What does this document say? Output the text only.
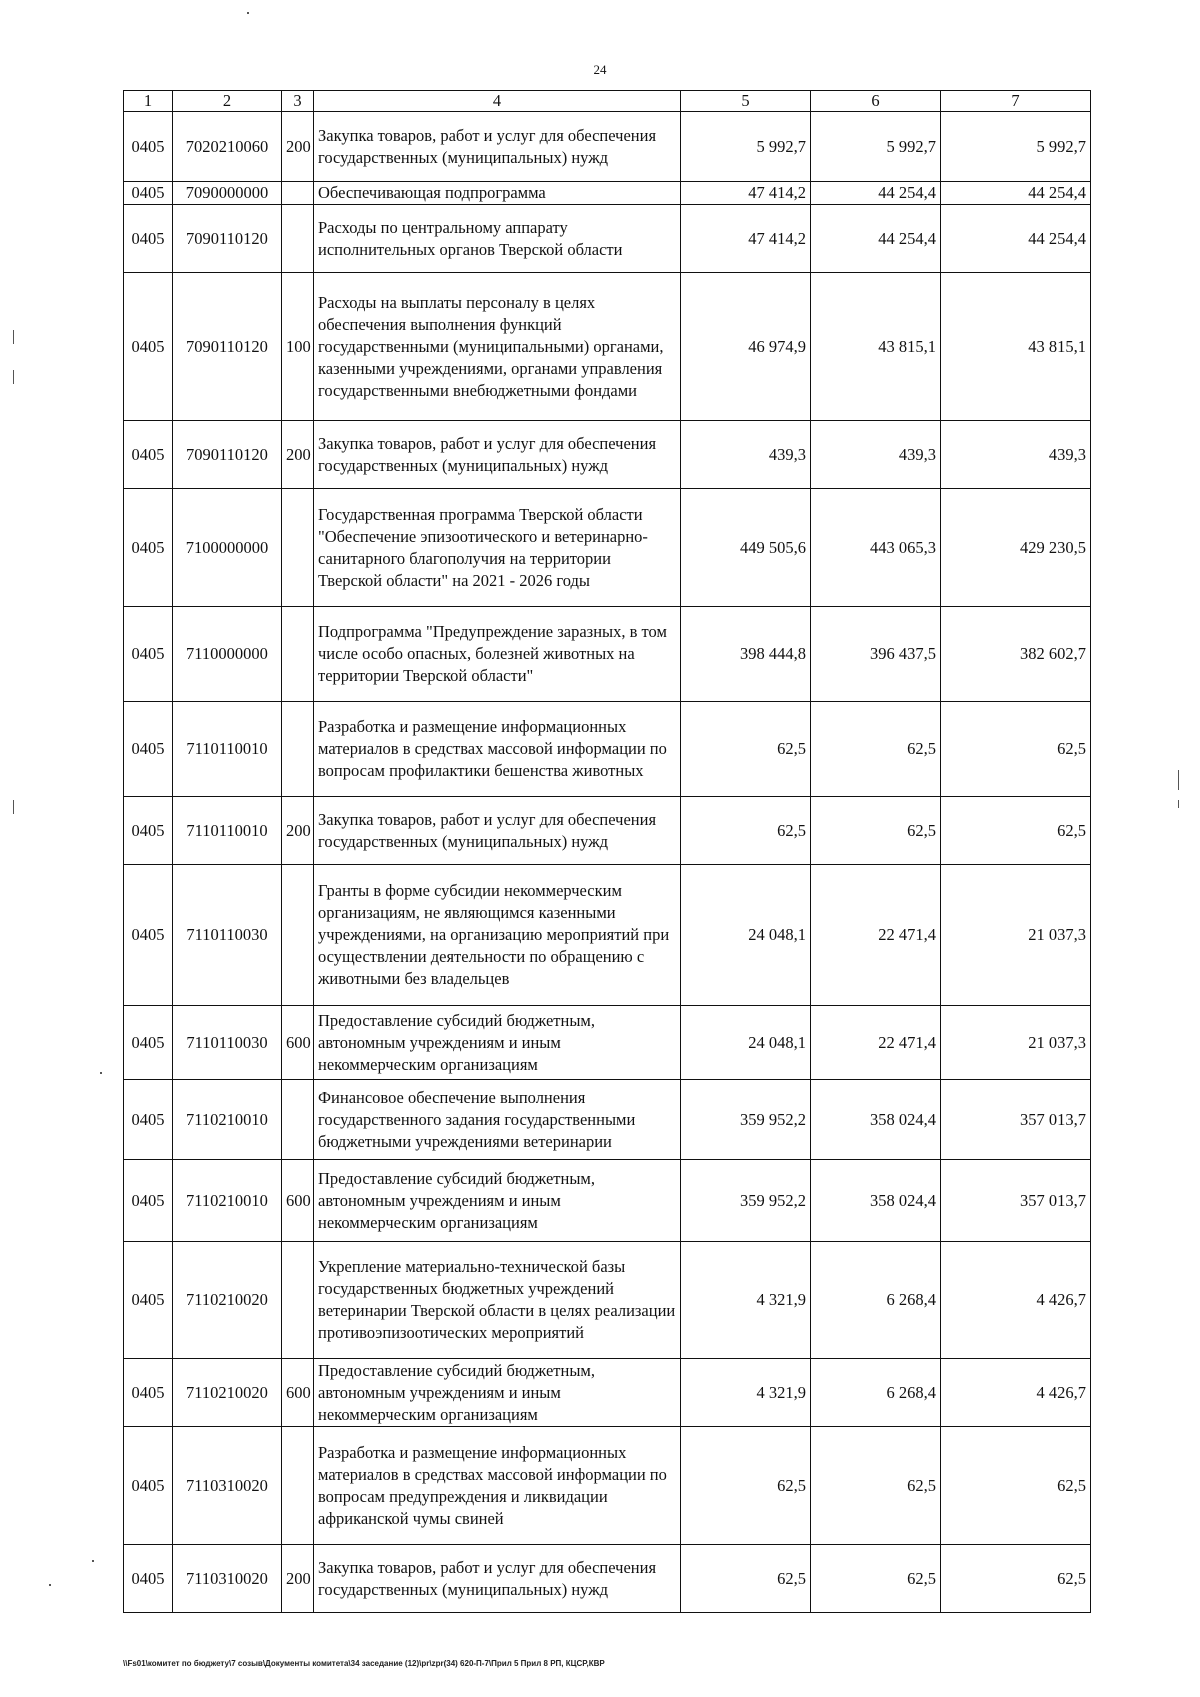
24
1	2	3	4	5	6	7
0405	7020210060	200	Закупка товаров, работ и услуг для обеспечения государственных (муниципальных) нужд	5 992,7	5 992,7	5 992,7
0405	7090000000		Обеспечивающая подпрограмма	47 414,2	44 254,4	44 254,4
0405	7090110120		Расходы по центральному аппарату исполнительных органов Тверской области	47 414,2	44 254,4	44 254,4
0405	7090110120	100	Расходы на выплаты персоналу в целях обеспечения выполнения функций государственными (муниципальными) органами, казенными учреждениями, органами управления государственными внебюджетными фондами	46 974,9	43 815,1	43 815,1
0405	7090110120	200	Закупка товаров, работ и услуг для обеспечения государственных (муниципальных) нужд	439,3	439,3	439,3
0405	7100000000		Государственная программа Тверской области "Обеспечение эпизоотического и ветеринарно-санитарного благополучия на территории Тверской области" на 2021 - 2026 годы	449 505,6	443 065,3	429 230,5
0405	7110000000		Подпрограмма "Предупреждение заразных, в том числе особо опасных, болезней животных на территории Тверской области"	398 444,8	396 437,5	382 602,7
0405	7110110010		Разработка и размещение информационных материалов в средствах массовой информации по вопросам профилактики бешенства животных	62,5	62,5	62,5
0405	7110110010	200	Закупка товаров, работ и услуг для обеспечения государственных (муниципальных) нужд	62,5	62,5	62,5
0405	7110110030		Гранты в форме субсидии некоммерческим организациям, не являющимся казенными учреждениями, на организацию мероприятий при осуществлении деятельности по обращению с животными без владельцев	24 048,1	22 471,4	21 037,3
0405	7110110030	600	Предоставление субсидий бюджетным, автономным учреждениям и иным некоммерческим организациям	24 048,1	22 471,4	21 037,3
0405	7110210010		Финансовое обеспечение выполнения государственного задания государственными бюджетными учреждениями ветеринарии	359 952,2	358 024,4	357 013,7
0405	7110210010	600	Предоставление субсидий бюджетным, автономным учреждениям и иным некоммерческим организациям	359 952,2	358 024,4	357 013,7
0405	7110210020		Укрепление материально-технической базы государственных бюджетных учреждений ветеринарии Тверской области в целях реализации противоэпизоотических мероприятий	4 321,9	6 268,4	4 426,7
0405	7110210020	600	Предоставление субсидий бюджетным, автономным учреждениям и иным некоммерческим организациям	4 321,9	6 268,4	4 426,7
0405	7110310020		Разработка и размещение информационных материалов в средствах массовой информации по вопросам предупреждения и ликвидации африканской чумы свиней	62,5	62,5	62,5
0405	7110310020	200	Закупка товаров, работ и услуг для обеспечения государственных (муниципальных) нужд	62,5	62,5	62,5
\\Fs01\комитет по бюджету\7 созыв\Документы комитета\34 заседание (12)\pr\zpr(34) 620-П-7\Прил 5 Прил 8 РП, КЦСР,КВР
